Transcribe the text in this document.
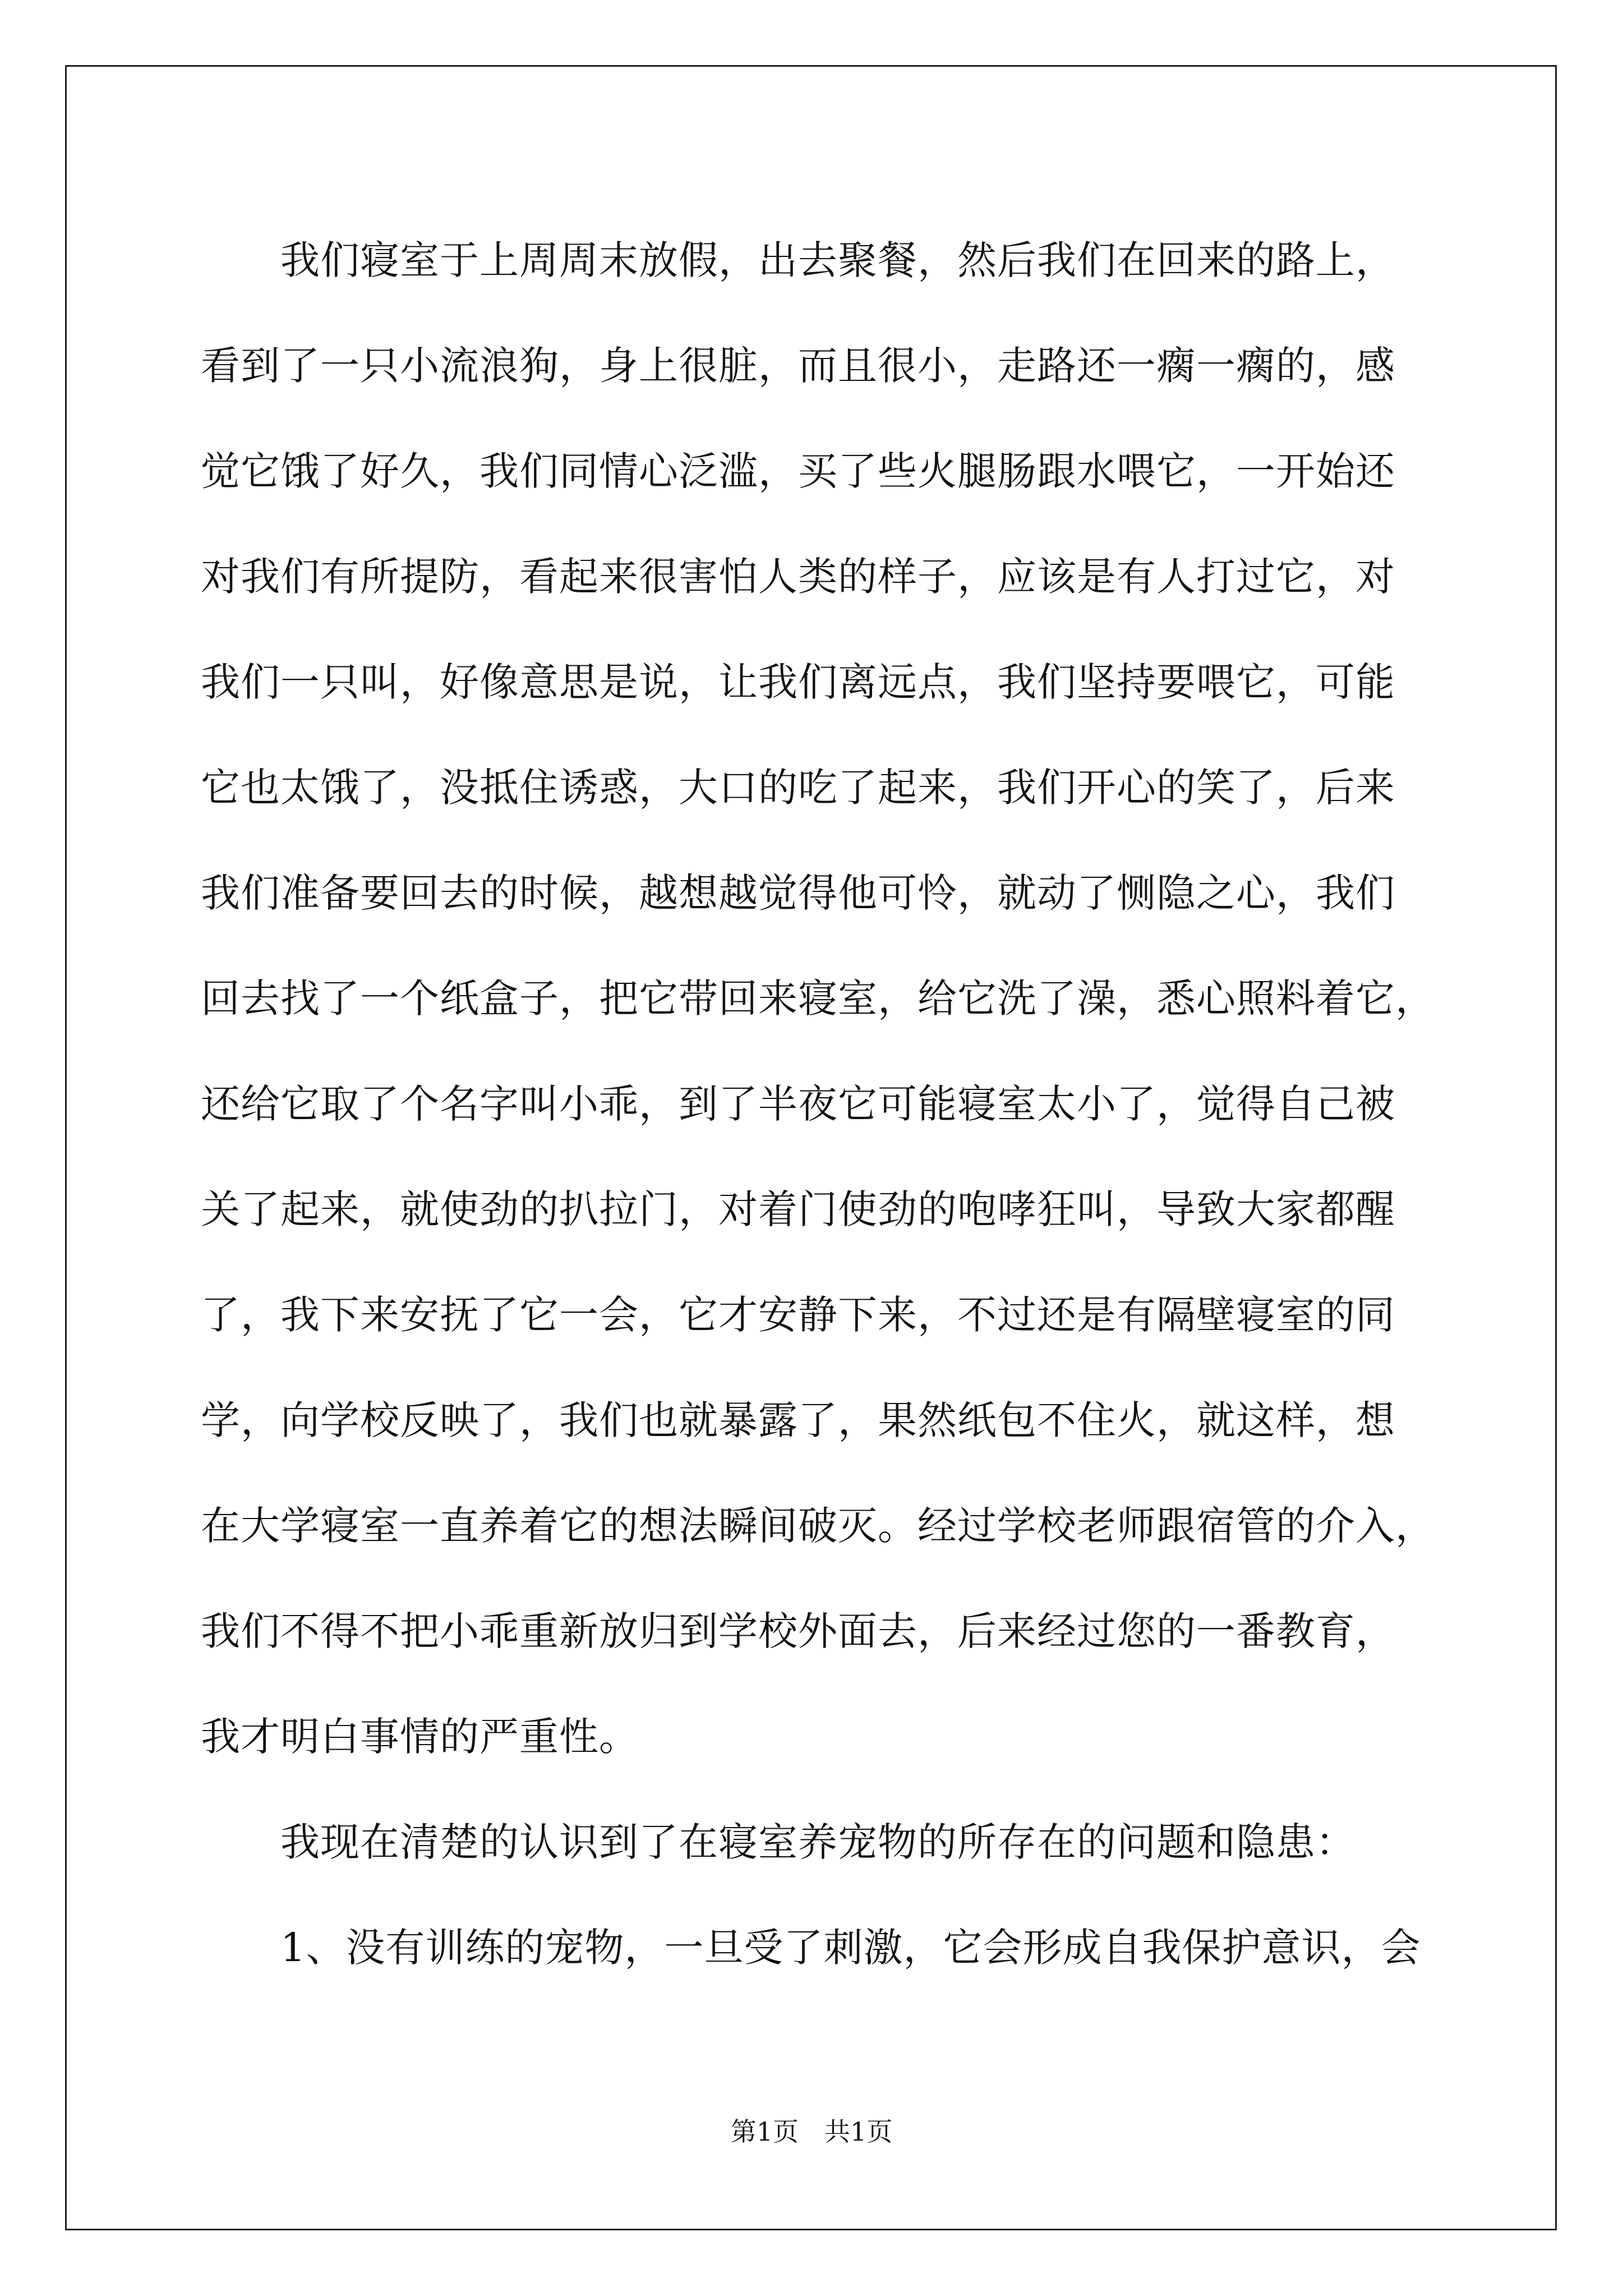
我们寝室于上周周末放假，出去聚餐，然后我们在回来的路上，
看到了一只小流浪狗，身上很脏，而且很小，走路还一瘸一瘸的，感
觉它饿了好久，我们同情心泛滥，买了些火腿肠跟水喂它，一开始还
对我们有所提防，看起来很害怕人类的样子，应该是有人打过它，对
我们一只叫，好像意思是说，让我们离远点，我们坚持要喂它，可能
它也太饿了，没抵住诱惑，大口的吃了起来，我们开心的笑了，后来
我们准备要回去的时候，越想越觉得他可怜，就动了恻隐之心，我们
回去找了一个纸盒子，把它带回来寝室，给它洗了澡，悉心照料着它，
还给它取了个名字叫小乖，到了半夜它可能寝室太小了，觉得自己被
关了起来，就使劲的扒拉门，对着门使劲的咆哮狂叫，导致大家都醒
了，我下来安抚了它一会，它才安静下来，不过还是有隔壁寝室的同
学，向学校反映了，我们也就暴露了，果然纸包不住火，就这样，想
在大学寝室一直养着它的想法瞬间破灭。经过学校老师跟宿管的介入，
我们不得不把小乖重新放归到学校外面去，后来经过您的一番教育，
我才明白事情的严重性。
我现在清楚的认识到了在寝室养宠物的所存在的问题和隐患：
1、没有训练的宠物，一旦受了刺激，它会形成自我保护意识，会
第1页　共1页
